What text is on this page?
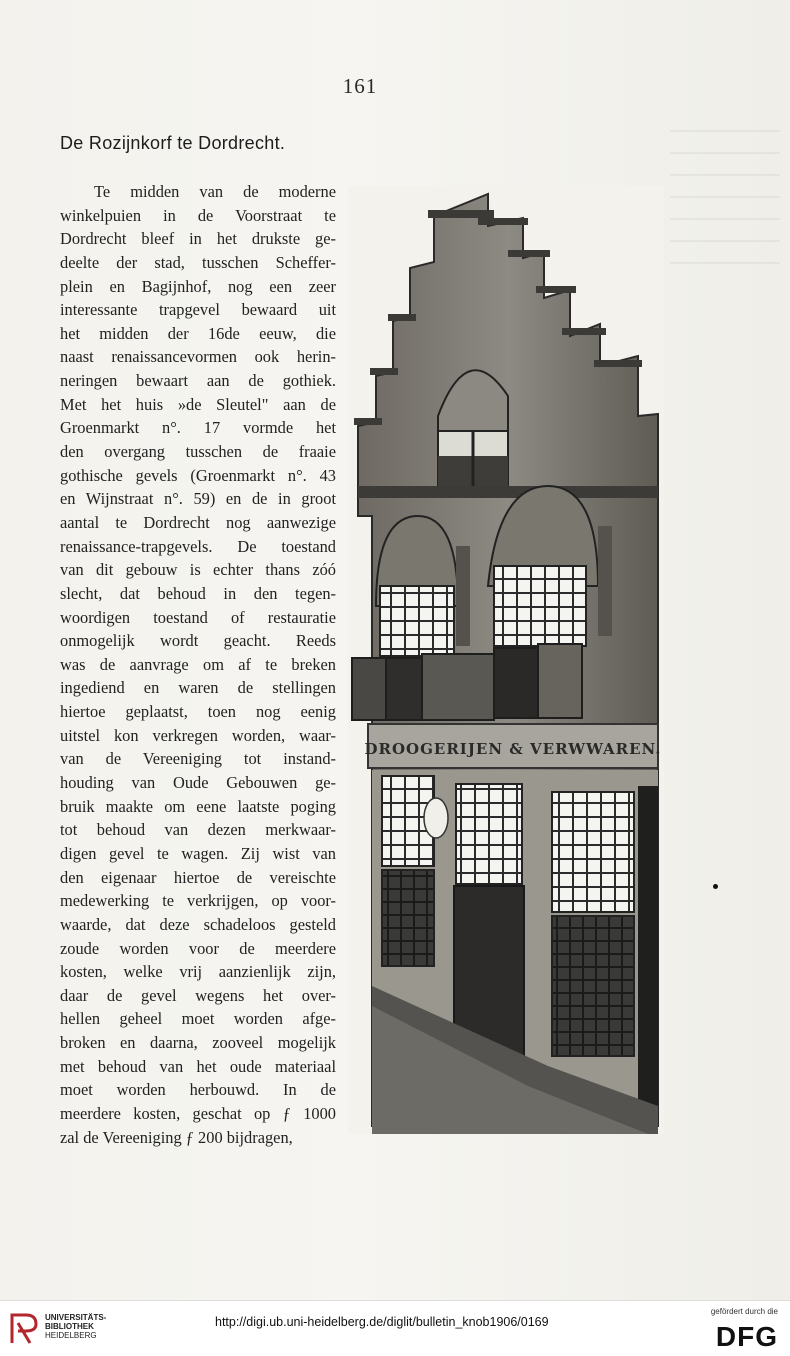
161
De Rozijnkorf te Dordrecht.
Te midden van de moderne
winkelpuien in de Voorstraat te
Dordrecht bleef in het drukste ge-
deelte der stad, tusschen Scheffer-
plein en Bagijnhof, nog een zeer
interessante trapgevel bewaard uit
het midden der 16de eeuw, die
naast renaissancevormen ook herin-
neringen bewaart aan de gothiek.
Met het huis »de Sleutel" aan de
Groenmarkt n°. 17 vormde het
den overgang tusschen de fraaie
gothische gevels (Groenmarkt n°. 43
en Wijnstraat n°. 59) en de in groot
aantal te Dordrecht nog aanwezige
renaissance-trapgevels. De toestand
van dit gebouw is echter thans zóó
slecht, dat behoud in den tegen-
woordigen toestand of restauratie
onmogelijk wordt geacht. Reeds
was de aanvrage om af te breken
ingediend en waren de stellingen
hiertoe geplaatst, toen nog eenig
uitstel kon verkregen worden, waar-
van de Vereeniging tot instand-
houding van Oude Gebouwen ge-
bruik maakte om eene laatste poging
tot behoud van dezen merkwaar-
digen gevel te wagen. Zij wist van
den eigenaar hiertoe de vereischte
medewerking te verkrijgen, op voor-
waarde, dat deze schadeloos gesteld
zoude worden voor de meerdere
kosten, welke vrij aanzienlijk zijn,
daar de gevel wegens het over-
hellen geheel moet worden afge-
broken en daarna, zooveel mogelijk
met behoud van het oude materiaal
moet worden herbouwd. In de
meerdere kosten, geschat op ƒ 1000
zal de Vereeniging ƒ 200 bijdragen,
DROOGERIJEN & VERWWAREN.
UNIVERSITÄTS-
BIBLIOTHEK
HEIDELBERG
http://digi.ub.uni-heidelberg.de/diglit/bulletin_knob1906/0169
gefördert durch die
DFG
